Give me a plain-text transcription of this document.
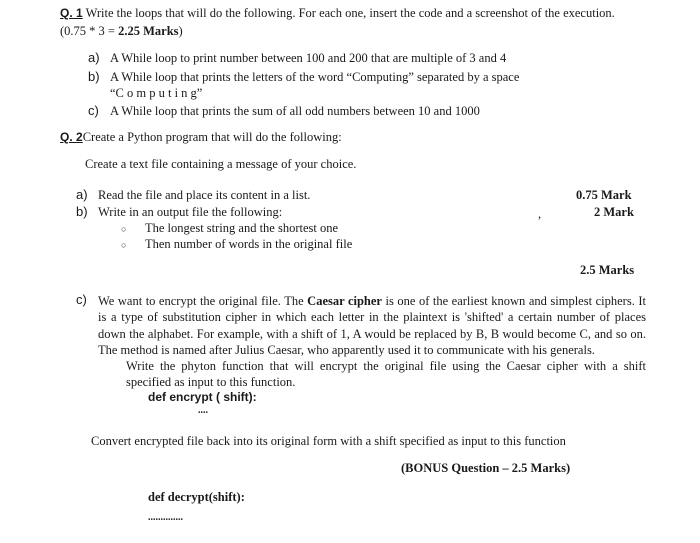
Q. 1 Write the loops that will do the following. For each one, insert the code and a screenshot of the execution.
(0.75 * 3 = 2.25 Marks)
a) A While loop to print number between 100 and 200 that are multiple of 3 and 4
b) A While loop that prints the letters of the word “Computing” separated by a space
“C o m p u t i n g”
c) A While loop that prints the sum of all odd numbers between 10 and 1000
Q. 2Create a Python program that will do the following:
Create a text file containing a message of your choice.
a) Read the file and place its content in a list.	0.75 Mark
b) Write in an output file the following:	,	2 Mark
○ The longest string and the shortest one
○ Then number of words in the original file
2.5 Marks
c) We want to encrypt the original file. The Caesar cipher is one of the earliest known and simplest ciphers. It is a type of substitution cipher in which each letter in the plaintext is 'shifted' a certain number of places down the alphabet. For example, with a shift of 1, A would be replaced by B, B would become C, and so on. The method is named after Julius Caesar, who apparently used it to communicate with his generals.
Write the phyton function that will encrypt the original file using the Caesar cipher with a shift specified as input to this function.
def encrypt ( shift):
....
Convert encrypted file back into its original form with a shift specified as input to this function
(BONUS Question – 2.5 Marks)
def decrypt(shift):
..............
